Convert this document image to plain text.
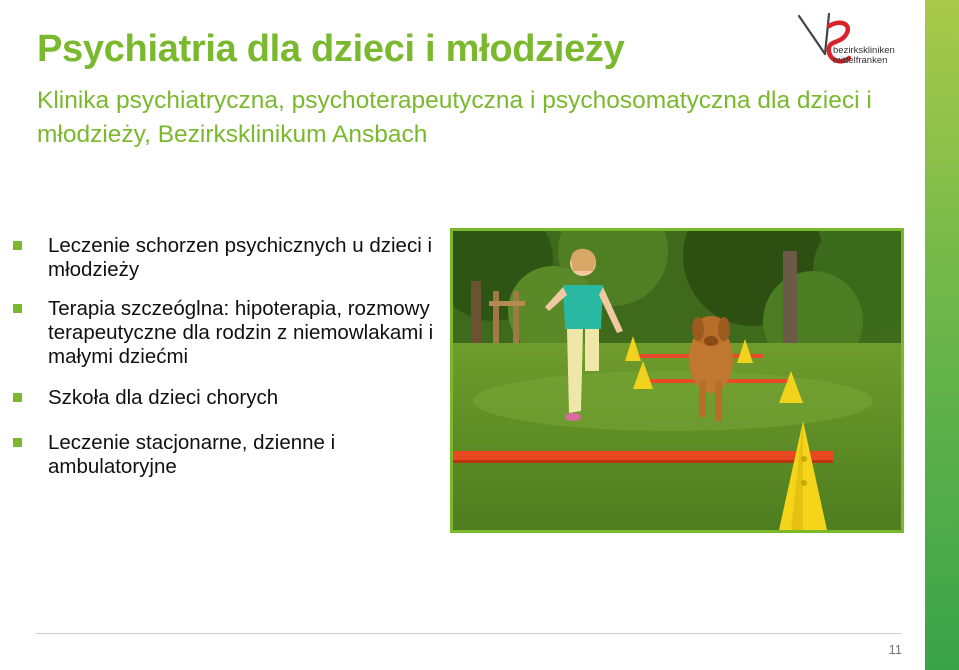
bezirkskliniken
mittelfranken
Psychiatria dla dzieci i młodzieży

Klinika psychiatryczna, psychoterapeutyczna i psychosomatyczna dla dzieci i młodzieży, Bezirksklinikum Ansbach

Leczenie schorzen psychicznych u dzieci i młodzieży
Terapia szczeóglna: hipoterapia, rozmowy terapeutyczne dla rodzin z niemowlakami i małymi dziećmi
Szkoła dla dzieci chorych
Leczenie stacjonarne, dzienne i ambulatoryjne
11
